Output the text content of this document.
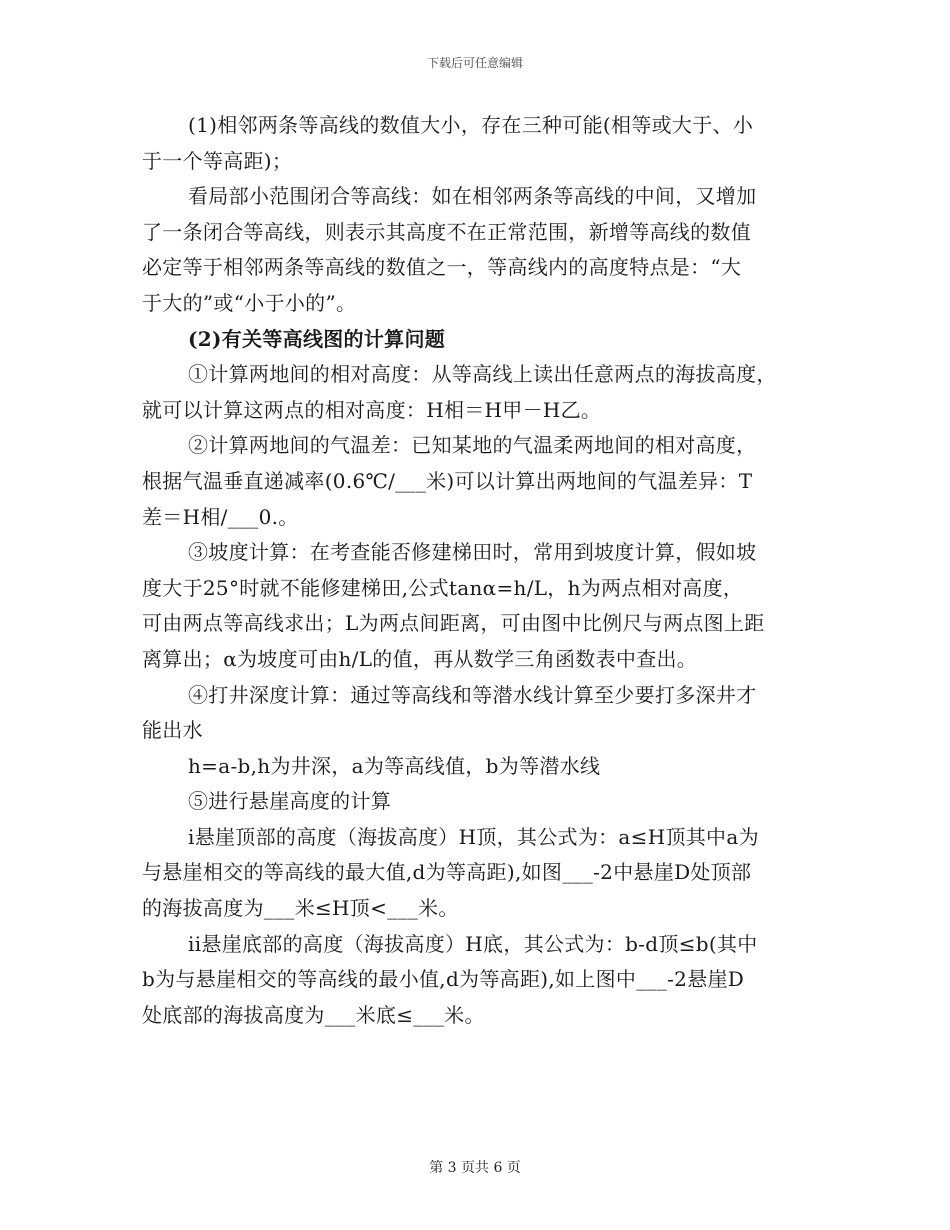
下载后可任意编辑
(1)相邻两条等高线的数值大小，存在三种可能(相等或大于、小
于一个等高距)；
看局部小范围闭合等高线：如在相邻两条等高线的中间，又增加
了一条闭合等高线，则表示其高度不在正常范围，新增等高线的数值
必定等于相邻两条等高线的数值之一，等高线内的高度特点是：“大
于大的”或“小于小的”。
(2)有关等高线图的计算问题
①计算两地间的相对高度：从等高线上读出任意两点的海拔高度，
就可以计算这两点的相对高度：H相＝H甲－H乙。
②计算两地间的气温差：已知某地的气温柔两地间的相对高度，
根据气温垂直递减率(0.6℃/___米)可以计算出两地间的气温差异：T
差＝H相/___0.。
③坡度计算：在考查能否修建梯田时，常用到坡度计算，假如坡
度大于25°时就不能修建梯田,公式tanα=h/L，h为两点相对高度，
可由两点等高线求出；L为两点间距离，可由图中比例尺与两点图上距
离算出；α为坡度可由h/L的值，再从数学三角函数表中查出。
④打井深度计算：通过等高线和等潜水线计算至少要打多深井才
能出水
h=a-b,h为井深，a为等高线值，b为等潜水线
⑤进行悬崖高度的计算
i悬崖顶部的高度（海拔高度）H顶，其公式为：a≤H顶其中a为
与悬崖相交的等高线的最大值,d为等高距),如图___-2中悬崖D处顶部
的海拔高度为___米≤H顶<___米。
ii悬崖底部的高度（海拔高度）H底，其公式为：b-d顶≤b(其中
b为与悬崖相交的等高线的最小值,d为等高距),如上图中___-2悬崖D
处底部的海拔高度为___米底≤___米。
第 3 页共 6 页
